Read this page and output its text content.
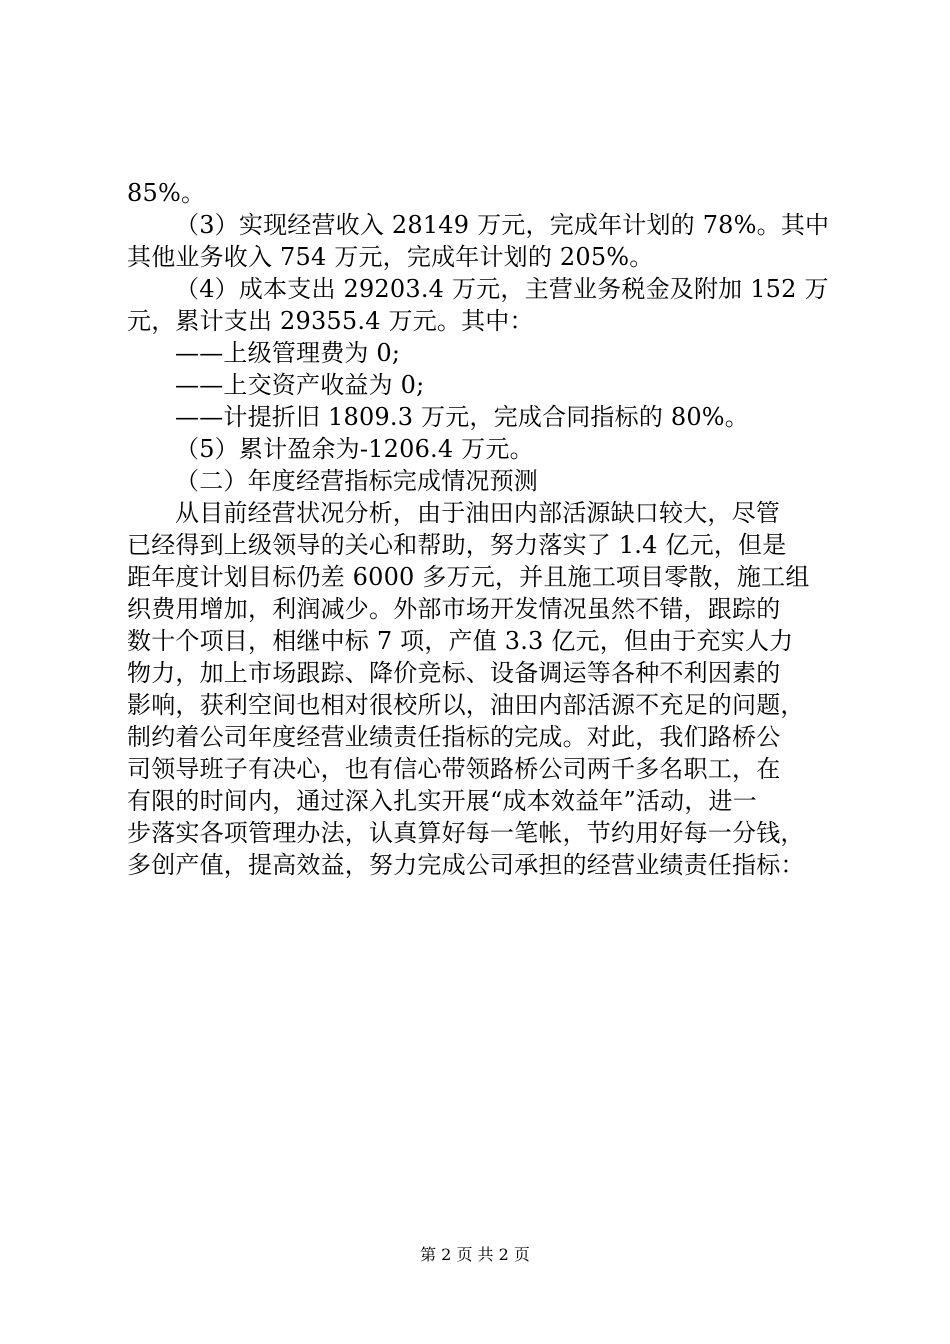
85%。
（3）实现经营收入 28149 万元，完成年计划的 78%。其中
其他业务收入 754 万元，完成年计划的 205%。
（4）成本支出 29203.4 万元，主营业务税金及附加 152 万
元，累计支出 29355.4 万元。其中：
——上级管理费为 0;
——上交资产收益为 0;
——计提折旧 1809.3 万元，完成合同指标的 80%。
（5）累计盈余为-1206.4 万元。
（二）年度经营指标完成情况预测
从目前经营状况分析，由于油田内部活源缺口较大，尽管
已经得到上级领导的关心和帮助，努力落实了 1.4 亿元，但是
距年度计划目标仍差 6000 多万元，并且施工项目零散，施工组
织费用增加，利润减少。外部市场开发情况虽然不错，跟踪的
数十个项目，相继中标 7 项，产值 3.3 亿元，但由于充实人力
物力，加上市场跟踪、降价竞标、设备调运等各种不利因素的
影响，获利空间也相对很校所以，油田内部活源不充足的问题，
制约着公司年度经营业绩责任指标的完成。对此，我们路桥公
司领导班子有决心，也有信心带领路桥公司两千多名职工，在
有限的时间内，通过深入扎实开展“成本效益年”活动，进一
步落实各项管理办法，认真算好每一笔帐，节约用好每一分钱，
多创产值，提高效益，努力完成公司承担的经营业绩责任指标：
第 2 页 共 2 页
